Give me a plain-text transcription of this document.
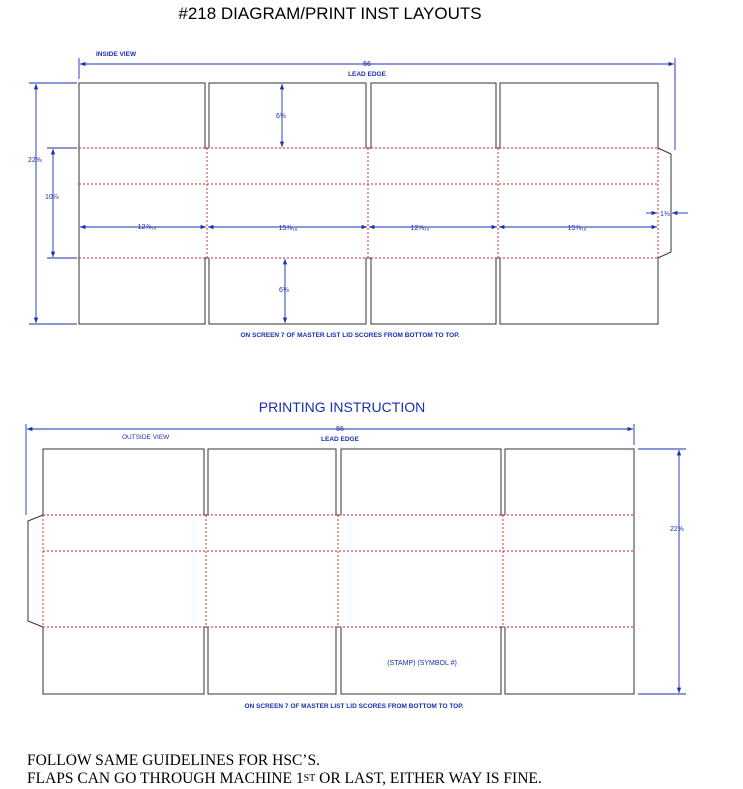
#218 DIAGRAM/PRINT INST LAYOUTS
INSIDE VIEW
56
LEAD EDGE
22⅝
10⅞
6⅛
6⅛
12⅞₁₆	15⅞₁₆	12⅞₁₆	15⅞₁₆
1⅜
ON SCREEN 7 OF MASTER LIST LID SCORES FROM BOTTOM TO TOP.
PRINTING INSTRUCTION
OUTSIDE VIEW
56
LEAD EDGE
22⅝
(STAMP) (SYMBOL #)
ON SCREEN 7 OF MASTER LIST LID SCORES FROM BOTTOM TO TOP.
FOLLOW SAME GUIDELINES FOR HSC’S.
FLAPS CAN GO THROUGH MACHINE 1ST OR LAST, EITHER WAY IS FINE.
